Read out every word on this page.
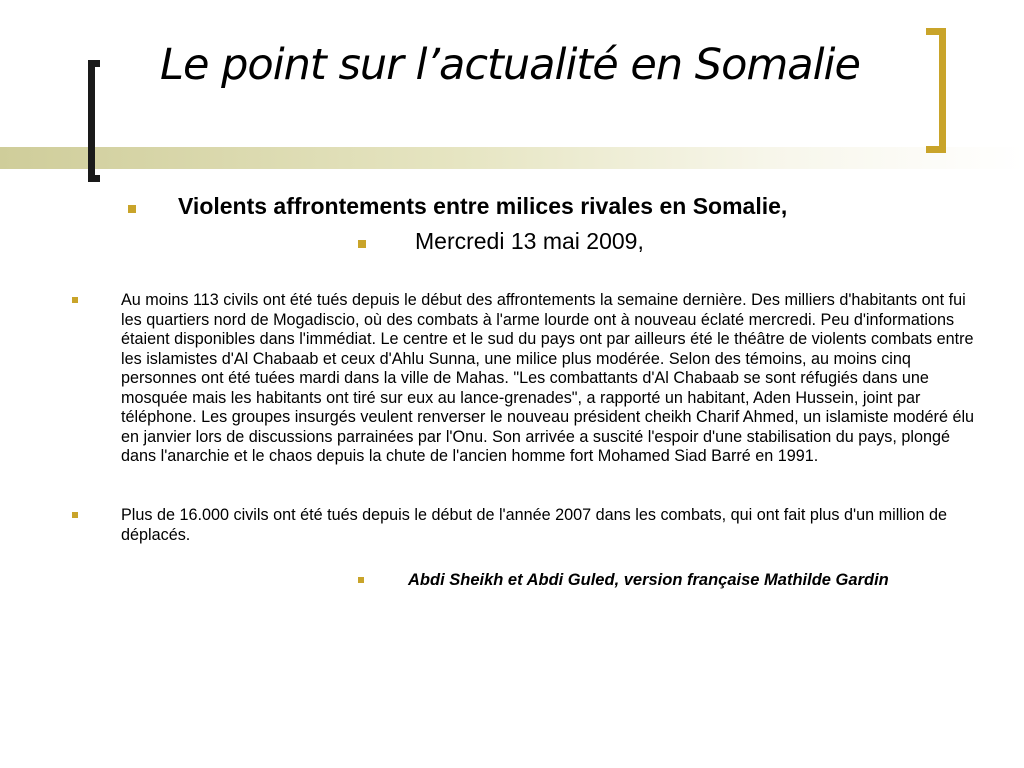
Le point sur l’actualité en Somalie
Violents affrontements entre milices rivales en Somalie,
Mercredi 13 mai 2009,
Au moins 113 civils ont été tués depuis le début des affrontements la semaine dernière. Des milliers d'habitants ont fui les quartiers nord de Mogadiscio, où des combats à l'arme lourde ont à nouveau éclaté mercredi. Peu d'informations étaient disponibles dans l'immédiat. Le centre et le sud du pays ont par ailleurs été le théâtre de violents combats entre les islamistes d'Al Chabaab et ceux d'Ahlu Sunna, une milice plus modérée. Selon des témoins, au moins cinq personnes ont été tuées mardi dans la ville de Mahas. "Les combattants d'Al Chabaab se sont réfugiés dans une mosquée mais les habitants ont tiré sur eux au lance-grenades", a rapporté un habitant, Aden Hussein, joint par téléphone. Les groupes insurgés veulent renverser le nouveau président cheikh Charif Ahmed, un islamiste modéré élu en janvier lors de discussions parrainées par l'Onu. Son arrivée a suscité l'espoir d'une stabilisation du pays, plongé dans l'anarchie et le chaos depuis la chute de l'ancien homme fort Mohamed Siad Barré en 1991.
Plus de 16.000 civils ont été tués depuis le début de l'année 2007 dans les combats, qui ont fait plus d'un million de déplacés.
Abdi Sheikh et Abdi Guled, version française Mathilde Gardin
